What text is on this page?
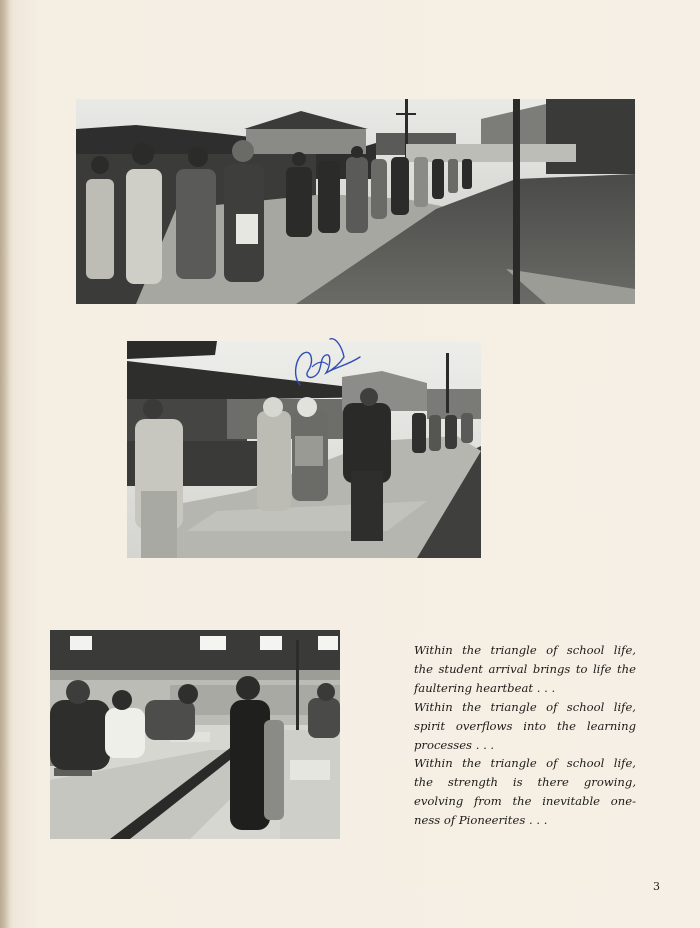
Within the triangle of school life,
the student arrival brings to life the
faultering heartbeat . . .

Within the triangle of school life,
spirit overflows into the learning
processes . . .

Within the triangle of school life,
the strength is there growing,
evolving from the inevitable one-
ness of Pioneerites . . .

3
